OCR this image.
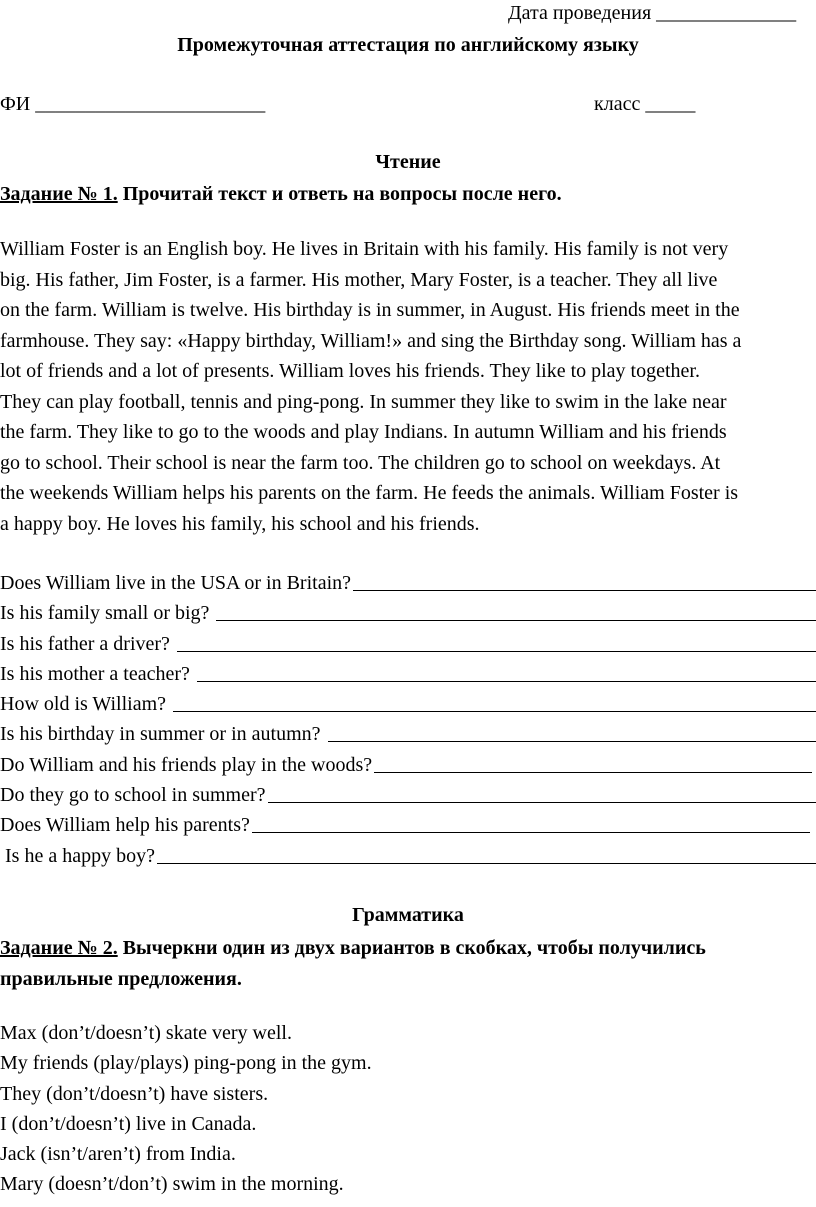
Дата проведения ______________
Промежуточная аттестация по английскому языку
ФИ _______________________	класс _____
Чтение
Задание № 1. Прочитай текст и ответь на вопросы после него.
William Foster is an English boy. He lives in Britain with his family. His family is not very
big. His father, Jim Foster, is a farmer. His mother, Mary Foster, is a teacher. They all live
on the farm. William is twelve. His birthday is in summer, in August. His friends meet in the
farmhouse. They say: «Happy birthday, William!» and sing the Birthday song. William has a
lot of friends and a lot of presents. William loves his friends. They like to play together.
They can play football, tennis and ping-pong. In summer they like to swim in the lake near
the farm. They like to go to the woods and play Indians. In autumn William and his friends
go to school. Their school is near the farm too. The children go to school on weekdays. At
the weekends William helps his parents on the farm. He feeds the animals. William Foster is
a happy boy. He loves his family, his school and his friends.
Does William live in the USA or in Britain?
Is his family small or big?
Is his father a driver?
Is his mother a teacher?
How old is William?
Is his birthday in summer or in autumn?
Do William and his friends play in the woods?
Do they go to school in summer?
Does William help his parents?
Is he a happy boy?
Грамматика
Задание № 2. Вычеркни один из двух вариантов в скобках, чтобы получились правильные предложения.
Max (don’t/doesn’t) skate very well.
My friends (play/plays) ping-pong in the gym.
They (don’t/doesn’t) have sisters.
I (don’t/doesn’t) live in Canada.
Jack (isn’t/aren’t) from India.
Mary (doesn’t/don’t) swim in the morning.
